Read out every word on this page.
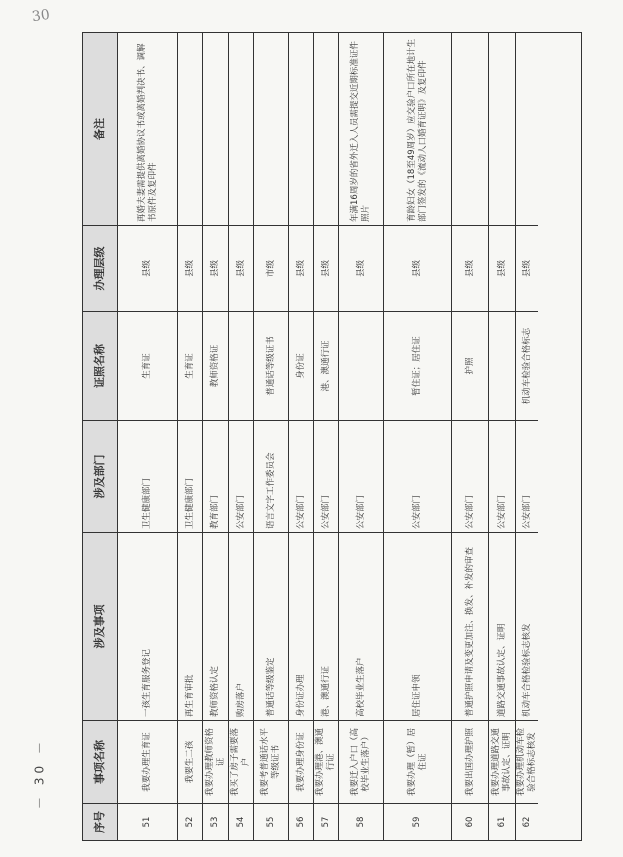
30
序号
事项名称
涉及事项
涉及部门
证照名称
办理层级
备注
51
我要办理生育证
一孩生育服务登记
卫生健康部门
生育证
县级
再婚夫妻需提供离婚协议书或离婚判决书、调解书原件及复印件
52
我要生二孩
再生育审批
卫生健康部门
生育证
县级
53
我要办理教师资格证
教师资格认定
教育部门
教师资格证
县级
54
我买了房子需要落户
购房落户
公安部门
县级
55
我要考普通话水平等级证书
普通话等级鉴定
语言文字工作委员会
普通话等级证书
市级
56
我要办理身份证
身份证办理
公安部门
身份证
县级
57
我要办理港、澳通行证
港、澳通行证
公安部门
港、澳通行证
县级
58
我要迁入户口（高校毕业生落户）
高校毕业生落户
公安部门
县级
年满16周岁的省外迁入人员需提交近期标准证件照片
59
我要办理（暂）居住证
居住证申领
公安部门
暂住证；居住证
县级
育龄妇女（18至49周岁）应交验户口所在地计生部门签发的《流动人口婚育证明》及复印件
60
我要出国办理护照
普通护照申请及变更加注、换发、补发的审查
公安部门
护照
县级
61
我要办理道路交通事故认定、证明
道路交通事故认定、证明
公安部门
县级
62
我要办理机动车检验合格标志核发
机动车合格检验标志核发
公安部门
机动车检验合格标志
县级
－ 30 －
